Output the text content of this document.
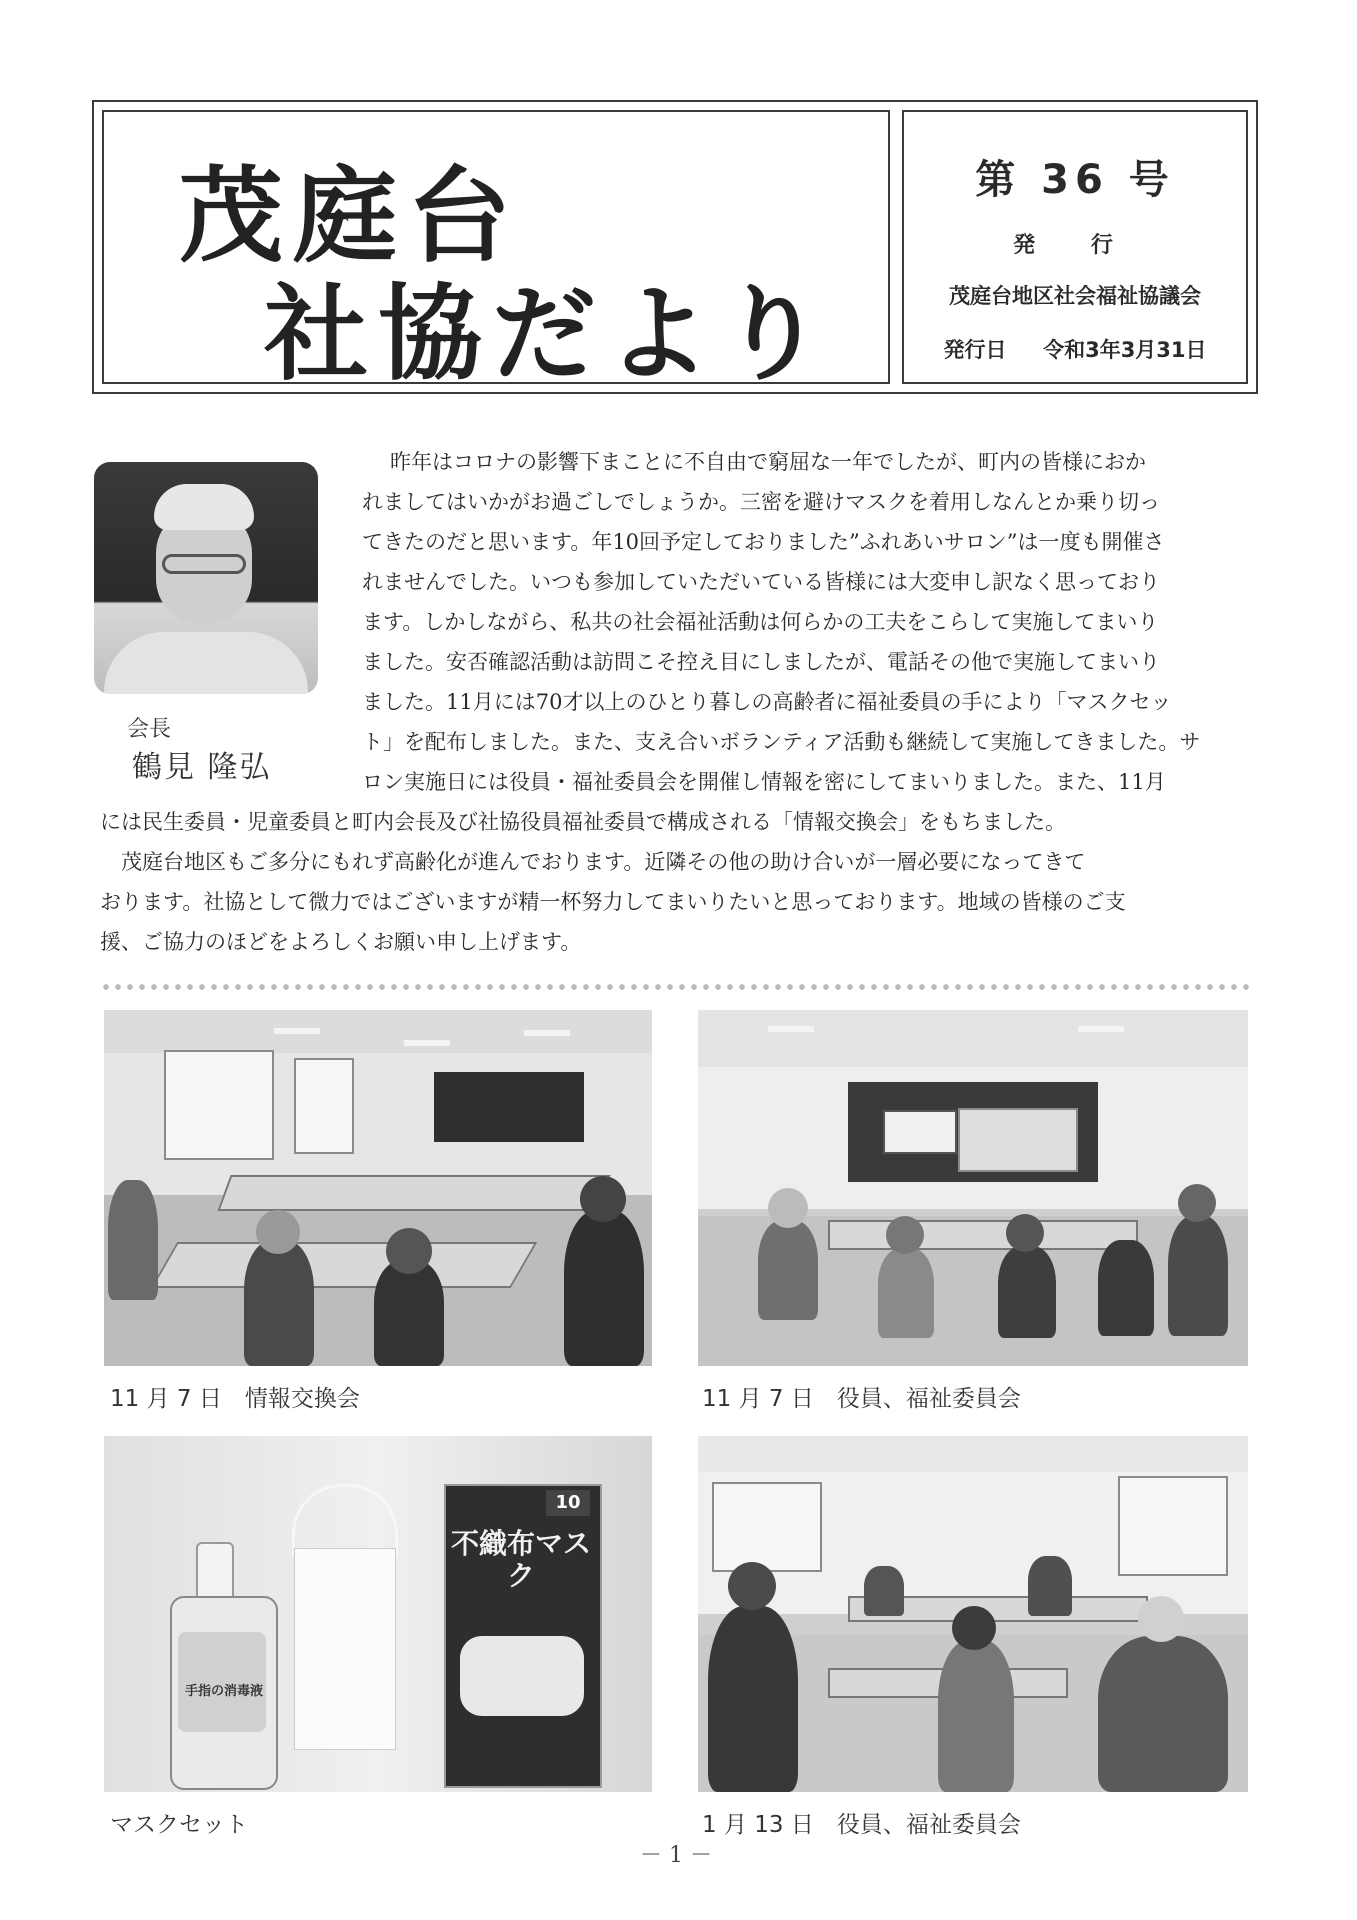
茂庭台
社協だより
第 36 号
発 行
茂庭台地区社会福祉協議会
発行日 令和3年3月31日
会長
鶴見 隆弘
昨年はコロナの影響下まことに不自由で窮屈な一年でしたが、町内の皆様におか
れましてはいかがお過ごしでしょうか。三密を避けマスクを着用しなんとか乗り切っ
てきたのだと思います。年10回予定しておりました”ふれあいサロン”は一度も開催さ
れませんでした。いつも参加していただいている皆様には大変申し訳なく思っており
ます。しかしながら、私共の社会福祉活動は何らかの工夫をこらして実施してまいり
ました。安否確認活動は訪問こそ控え目にしましたが、電話その他で実施してまいり
ました。11月には70才以上のひとり暮しの高齢者に福祉委員の手により「マスクセッ
ト」を配布しました。また、支え合いボランティア活動も継続して実施してきました。サ
ロン実施日には役員・福祉委員会を開催し情報を密にしてまいりました。また、11月
には民生委員・児童委員と町内会長及び社協役員福祉委員で構成される「情報交換会」をもちました。
　茂庭台地区もご多分にもれず高齢化が進んでおります。近隣その他の助け合いが一層必要になってきて
おります。社協として微力ではございますが精一杯努力してまいりたいと思っております。地域の皆様のご支
援、ご協力のほどをよろしくお願い申し上げます。
11 月 7 日　情報交換会	11 月 7 日　役員、福祉委員会
手指の消毒液
10
不織布マスク
マスクセット	1 月 13 日　役員、福祉委員会
－ 1 －
